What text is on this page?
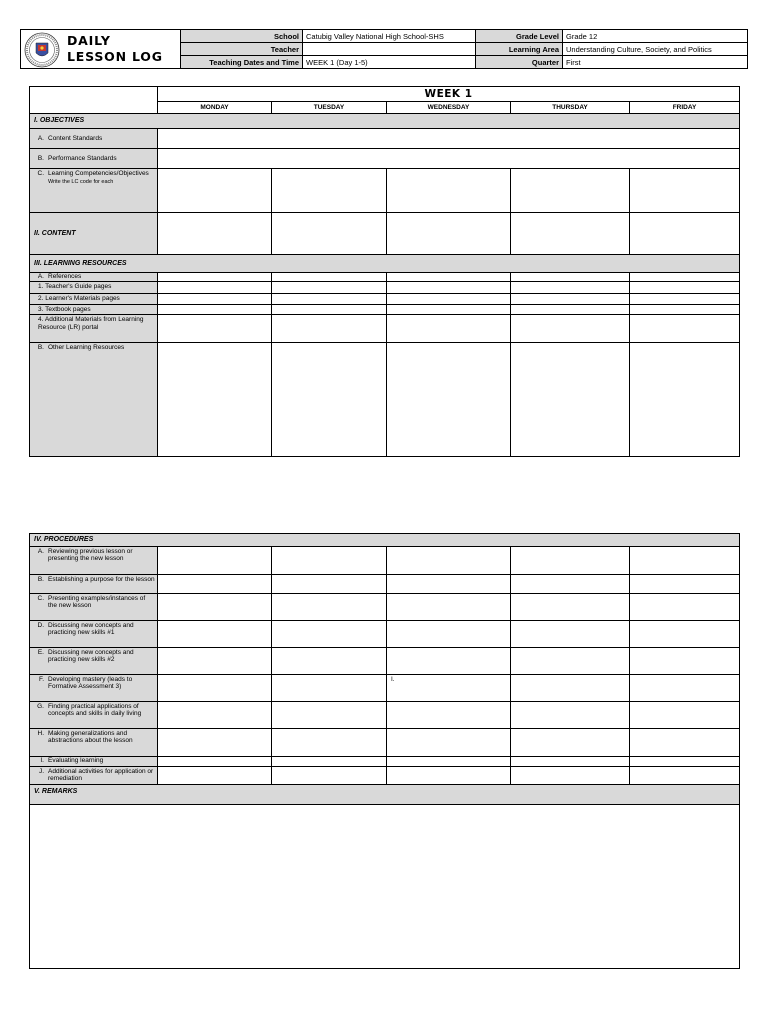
DAILY
LESSON LOG
School	Catubig Valley National High School-SHS	Grade Level	Grade 12
Teacher		Learning Area	Understanding Culture, Society, and Politics
Teaching Dates and Time	WEEK 1 (Day 1-5)	Quarter	First
	WEEK 1				
	MONDAY	TUESDAY	WEDNESDAY	THURSDAY	FRIDAY
I. OBJECTIVES					

A. Content Standards					

B. Performance Standards					

C. Learning Competencies/Objectives
Write the LC code for each					

II. CONTENT					
III. LEARNING RESOURCES					

A. References					

1. Teacher's Guide pages					
2. Learner's Materials pages					
3. Textbook pages					
4. Additional Materials from Learning Resource (LR) portal					

B. Other Learning Resources					

IV. PROCEDURES					

A. Reviewing previous lesson or presenting the new lesson					

B. Establishing a purpose for the lesson					

C. Presenting examples/instances of the new lesson					

D. Discussing new concepts and practicing new skills #1					

E. Discussing new concepts and practicing new skills #2					

F. Developing mastery (leads to Formative Assessment 3)			I.		

G. Finding practical applications of concepts and skills in daily living					

H. Making generalizations and abstractions about the lesson					

I. Evaluating learning					

J. Additional activities for application or remediation					

V. REMARKS					
